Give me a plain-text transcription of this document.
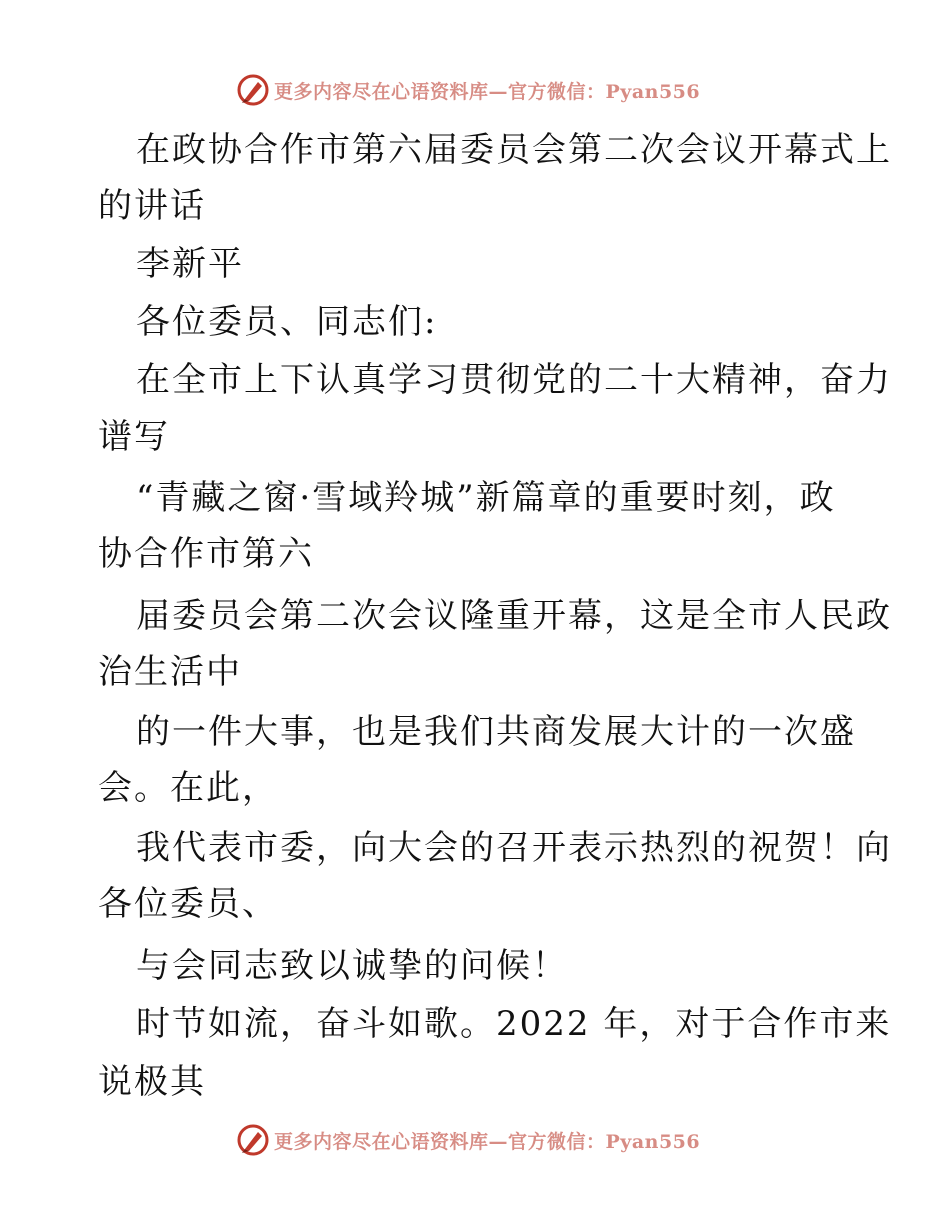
更多内容尽在心语资料库—官方微信：Pyan556
在政协合作市第六届委员会第二次会议开幕式上
的讲话
李新平
各位委员、同志们:
在全市上下认真学习贯彻党的二十大精神，奋力
谱写
“青藏之窗·雪域羚城”新篇章的重要时刻，政
协合作市第六
届委员会第二次会议隆重开幕，这是全市人民政
治生活中
的一件大事，也是我们共商发展大计的一次盛
会。在此，
我代表市委，向大会的召开表示热烈的祝贺！向
各位委员、
与会同志致以诚挚的问候！
时节如流，奋斗如歌。2022 年，对于合作市来
说极其
更多内容尽在心语资料库—官方微信：Pyan556
